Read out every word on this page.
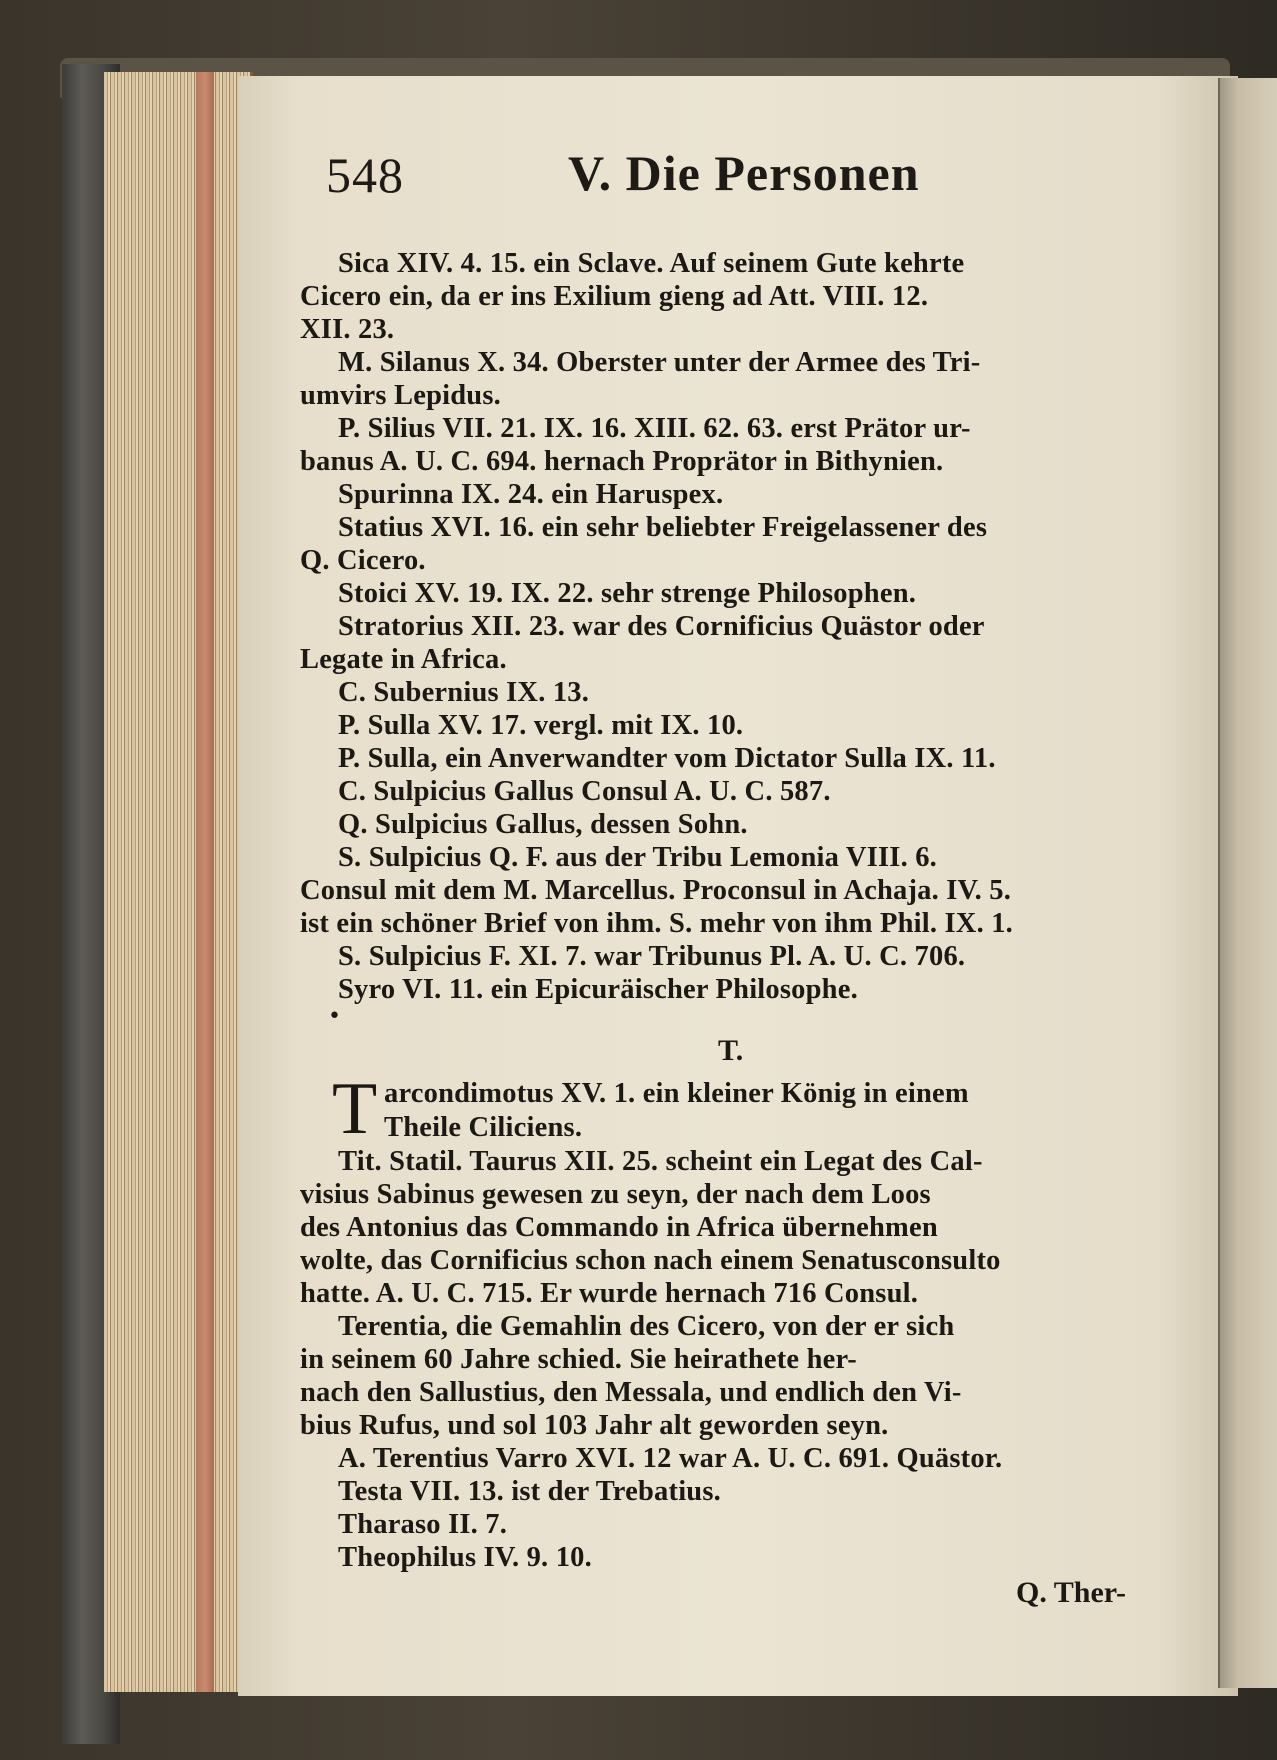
548	V. Die Personen
Sica XIV. 4. 15. ein Sclave. Auf seinem Gute kehrte
Cicero ein, da er ins Exilium gieng ad Att. VIII. 12.
XII. 23.
M. Silanus X. 34. Oberster unter der Armee des Tri-
umvirs Lepidus.
P. Silius VII. 21. IX. 16. XIII. 62. 63. erst Prätor ur-
banus A. U. C. 694. hernach Proprätor in Bithynien.
Spurinna IX. 24. ein Haruspex.
Statius XVI. 16. ein sehr beliebter Freigelassener des
Q. Cicero.
Stoici XV. 19. IX. 22. sehr strenge Philosophen.
Stratorius XII. 23. war des Cornificius Quästor oder
Legate in Africa.
C. Subernius IX. 13.
P. Sulla XV. 17. vergl. mit IX. 10.
P. Sulla, ein Anverwandter vom Dictator Sulla IX. 11.
C. Sulpicius Gallus Consul A. U. C. 587.
Q. Sulpicius Gallus, dessen Sohn.
S. Sulpicius Q. F. aus der Tribu Lemonia VIII. 6.
Consul mit dem M. Marcellus. Proconsul in Achaja. IV. 5.
ist ein schöner Brief von ihm. S. mehr von ihm Phil. IX. 1.
S. Sulpicius F. XI. 7. war Tribunus Pl. A. U. C. 706.
Syro VI. 11. ein Epicuräischer Philosophe.
•
T.
T arcondimotus XV. 1. ein kleiner König in einem
Theile Ciliciens.
Tit. Statil. Taurus XII. 25. scheint ein Legat des Cal-
visius Sabinus gewesen zu seyn, der nach dem Loos
des Antonius das Commando in Africa übernehmen
wolte, das Cornificius schon nach einem Senatusconsulto
hatte. A. U. C. 715. Er wurde hernach 716 Consul.
Terentia, die Gemahlin des Cicero, von der er sich
in seinem 60 Jahre schied. Sie heirathete her-
nach den Sallustius, den Messala, und endlich den Vi-
bius Rufus, und sol 103 Jahr alt geworden seyn.
A. Terentius Varro XVI. 12 war A. U. C. 691. Quästor.
Testa VII. 13. ist der Trebatius.
Tharaso II. 7.
Theophilus IV. 9. 10.
Q. Ther-
